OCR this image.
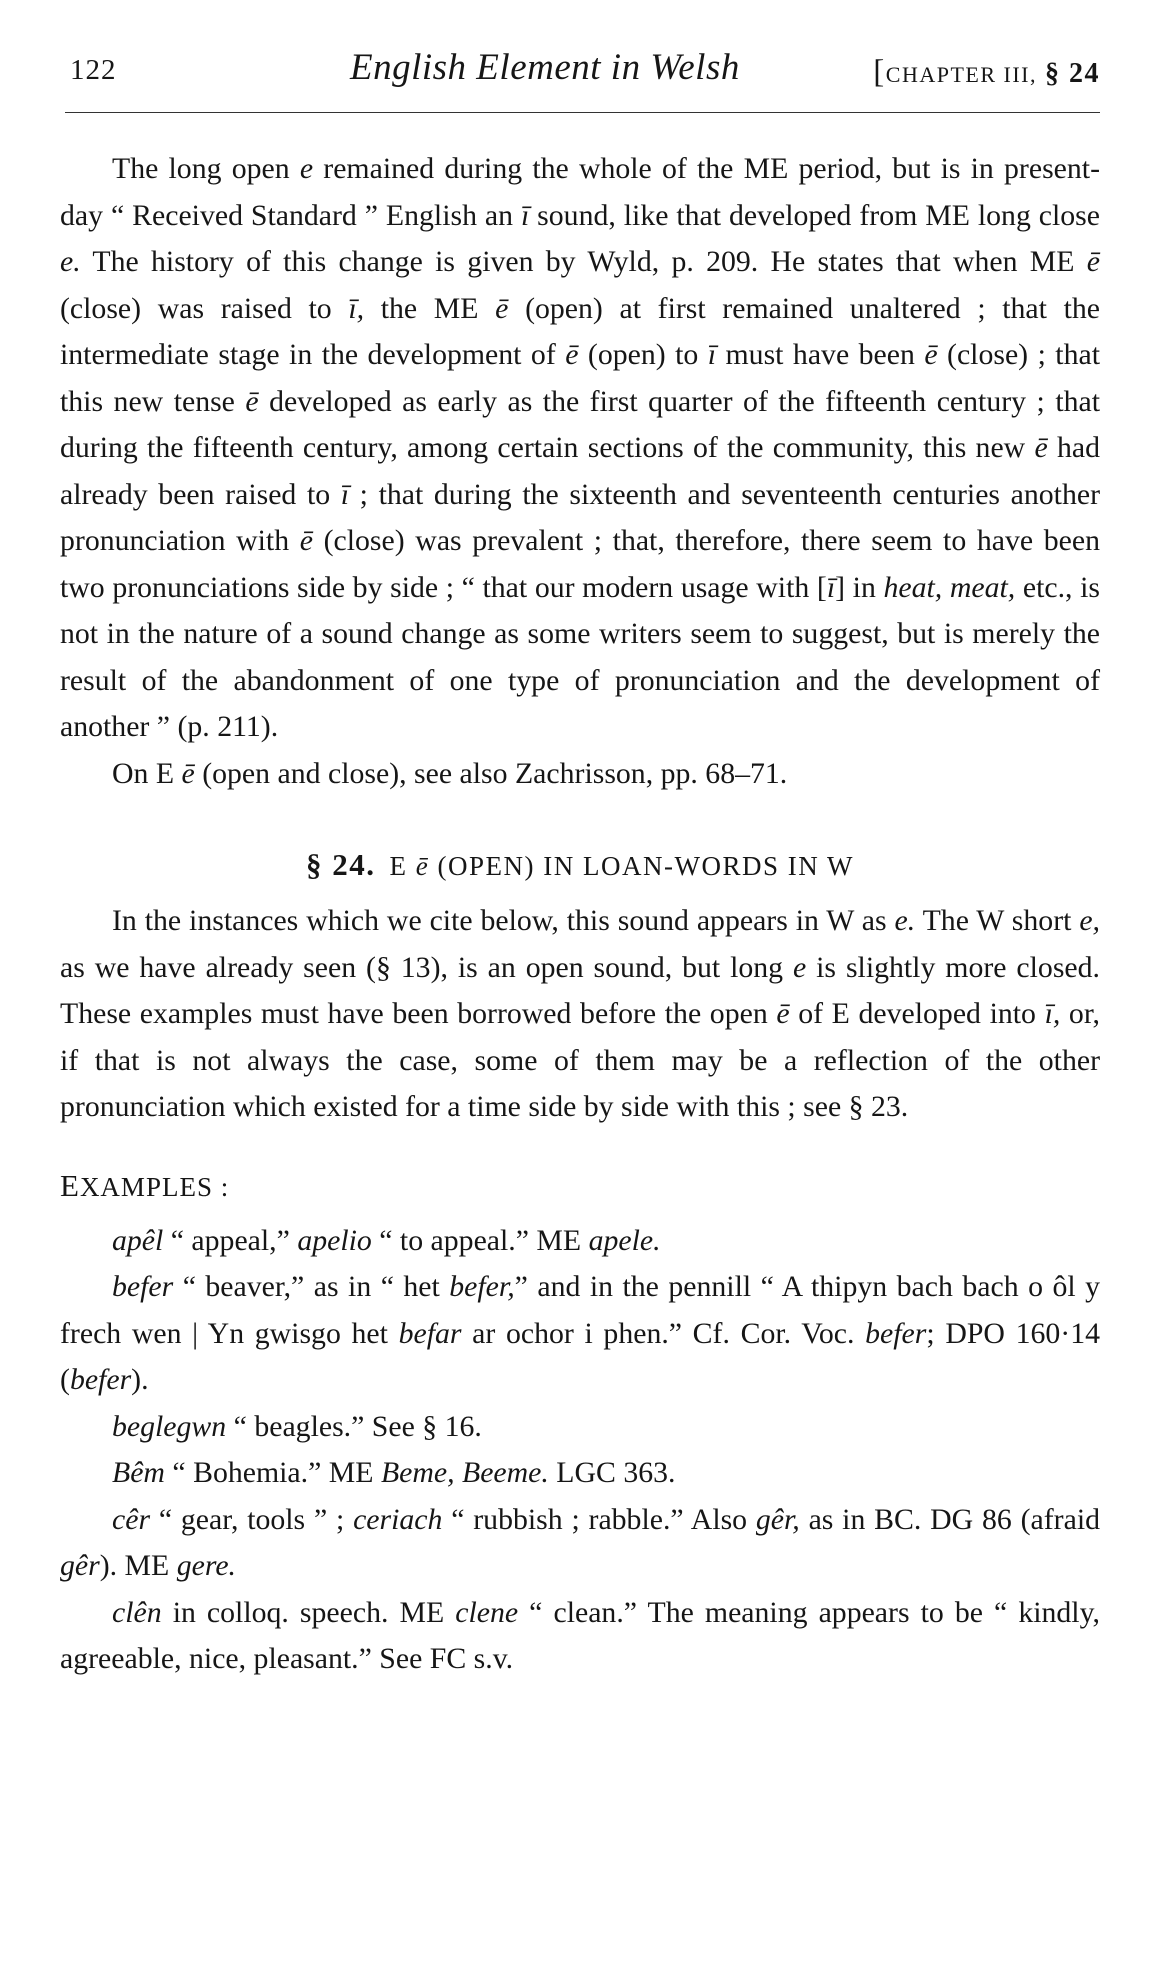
122	English Element in Welsh	[CHAPTER III, § 24

The long open e remained during the whole of the ME period, but is in present-day “ Received Standard ” English an ī sound, like that developed from ME long close e. The history of this change is given by Wyld, p. 209. He states that when ME ē (close) was raised to ī, the ME ē (open) at first remained unaltered ; that the intermediate stage in the development of ē (open) to ī must have been ē (close) ; that this new tense ē developed as early as the first quarter of the fifteenth century ; that during the fifteenth century, among certain sections of the community, this new ē had already been raised to ī ; that during the sixteenth and seventeenth centuries another pronunciation with ē (close) was prevalent ; that, therefore, there seem to have been two pronunciations side by side ; “ that our modern usage with [ī] in heat, meat, etc., is not in the nature of a sound change as some writers seem to suggest, but is merely the result of the abandonment of one type of pronunciation and the development of another ” (p. 211).

On E ē (open and close), see also Zachrisson, pp. 68–71.

§ 24. E ē (OPEN) IN LOAN-WORDS IN W

In the instances which we cite below, this sound appears in W as e. The W short e, as we have already seen (§ 13), is an open sound, but long e is slightly more closed. These examples must have been borrowed before the open ē of E developed into ī, or, if that is not always the case, some of them may be a reflection of the other pronunciation which existed for a time side by side with this ; see § 23.

EXAMPLES :

apêl “ appeal,” apelio “ to appeal.” ME apele.

befer “ beaver,” as in “ het befer,” and in the pennill “ A thipyn bach bach o ôl y frech wen | Yn gwisgo het befar ar ochor i phen.” Cf. Cor. Voc. befer; DPO 160·14 (befer).

beglegwn “ beagles.” See § 16.

Bêm “ Bohemia.” ME Beme, Beeme. LGC 363.

cêr “ gear, tools ” ; ceriach “ rubbish ; rabble.” Also gêr, as in BC. DG 86 (afraid gêr). ME gere.

clên in colloq. speech. ME clene “ clean.” The meaning appears to be “ kindly, agreeable, nice, pleasant.” See FC s.v.
